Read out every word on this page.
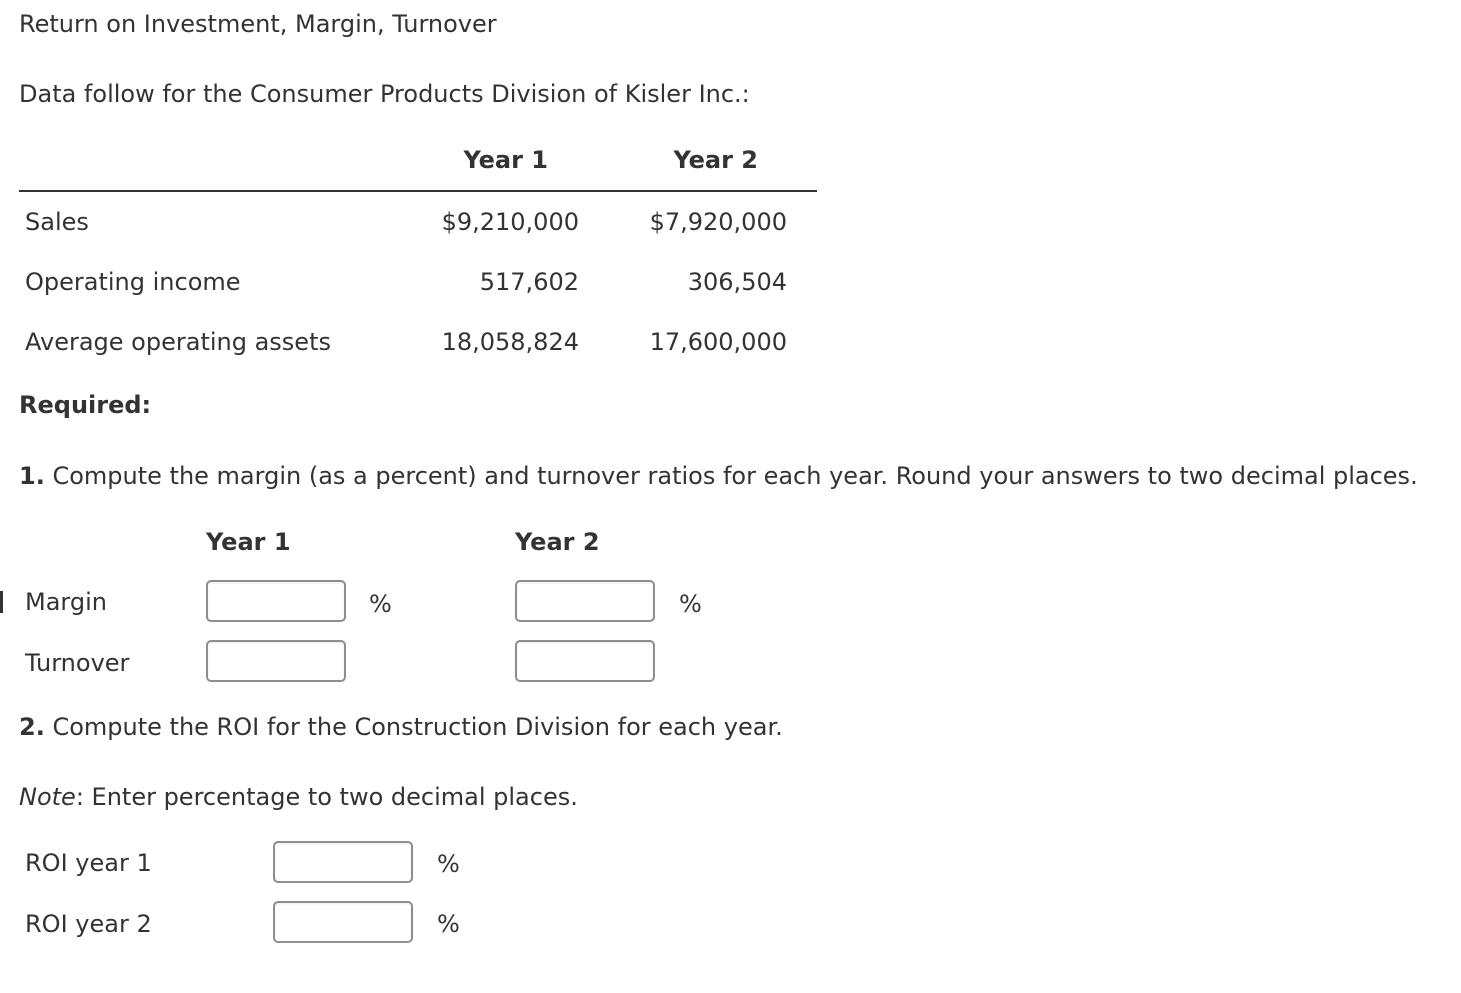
Return on Investment, Margin, Turnover
Data follow for the Consumer Products Division of Kisler Inc.:
Year 1	Year 2
Sales	$9,210,000	$7,920,000
Operating income	517,602	306,504
Average operating assets	18,058,824	17,600,000
Required:
1. Compute the margin (as a percent) and turnover ratios for each year. Round your answers to two decimal places.
Year 1	Year 2
Margin	%	%
Turnover
2. Compute the ROI for the Construction Division for each year.
Note: Enter percentage to two decimal places.
ROI year 1	%
ROI year 2	%
